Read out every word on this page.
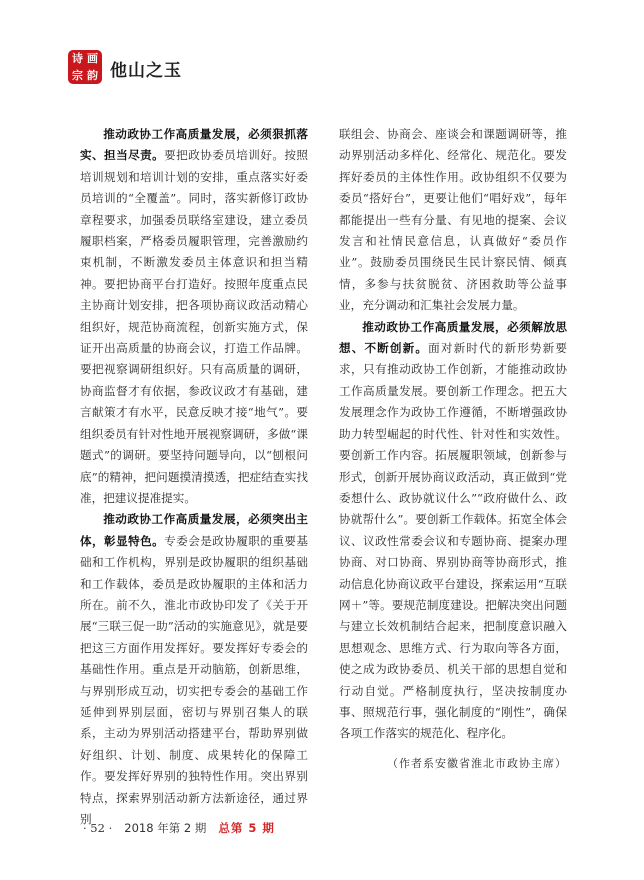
诗 画
宗 韵 他山之玉

推动政协工作高质量发展，必须狠抓落实、担当尽责。要把政协委员培训好。按照培训规划和培训计划的安排，重点落实好委员培训的“全覆盖”。同时，落实新修订政协章程要求，加强委员联络室建设，建立委员履职档案，严格委员履职管理，完善激励约束机制，不断激发委员主体意识和担当精神。要把协商平台打造好。按照年度重点民主协商计划安排，把各项协商议政活动精心组织好，规范协商流程，创新实施方式，保证开出高质量的协商会议，打造工作品牌。要把视察调研组织好。只有高质量的调研，协商监督才有依据，参政议政才有基础，建言献策才有水平，民意反映才接“地气”。要组织委员有针对性地开展视察调研，多做“课题式”的调研。要坚持问题导向，以“刨根问底”的精神，把问题摸清摸透，把症结查实找准，把建议提准提实。

推动政协工作高质量发展，必须突出主体，彰显特色。专委会是政协履职的重要基础和工作机构，界别是政协履职的组织基础和工作载体，委员是政协履职的主体和活力所在。前不久，淮北市政协印发了《关于开展“三联三促一助”活动的实施意见》，就是要把这三方面作用发挥好。要发挥好专委会的基础性作用。重点是开动脑筋，创新思维，与界别形成互动，切实把专委会的基础工作延伸到界别层面，密切与界别召集人的联系，主动为界别活动搭建平台，帮助界别做好组织、计划、制度、成果转化的保障工作。要发挥好界别的独特性作用。突出界别特点，探索界别活动新方法新途径，通过界别

联组会、协商会、座谈会和课题调研等，推动界别活动多样化、经常化、规范化。要发挥好委员的主体性作用。政协组织不仅要为委员“搭好台”，更要让他们“唱好戏”，每年都能提出一些有分量、有见地的提案、会议发言和社情民意信息，认真做好“委员作业”。鼓励委员围绕民生民计察民情、倾真情，多参与扶贫脱贫、济困救助等公益事业，充分调动和汇集社会发展力量。

推动政协工作高质量发展，必须解放思想、不断创新。面对新时代的新形势新要求，只有推动政协工作创新，才能推动政协工作高质量发展。要创新工作理念。把五大发展理念作为政协工作遵循，不断增强政协助力转型崛起的时代性、针对性和实效性。要创新工作内容。拓展履职领域，创新参与形式，创新开展协商议政活动，真正做到“党委想什么、政协就议什么”“政府做什么、政协就帮什么”。要创新工作载体。拓宽全体会议、议政性常委会议和专题协商、提案办理协商、对口协商、界别协商等协商形式，推动信息化协商议政平台建设，探索运用“互联网＋”等。要规范制度建设。把解决突出问题与建立长效机制结合起来，把制度意识融入思想观念、思维方式、行为取向等各方面，使之成为政协委员、机关干部的思想自觉和行动自觉。严格制度执行，坚决按制度办事、照规范行事，强化制度的“刚性”，确保各项工作落实的规范化、程序化。

（作者系安徽省淮北市政协主席）

· 52 · 2018 年第 2 期 总第 5 期
